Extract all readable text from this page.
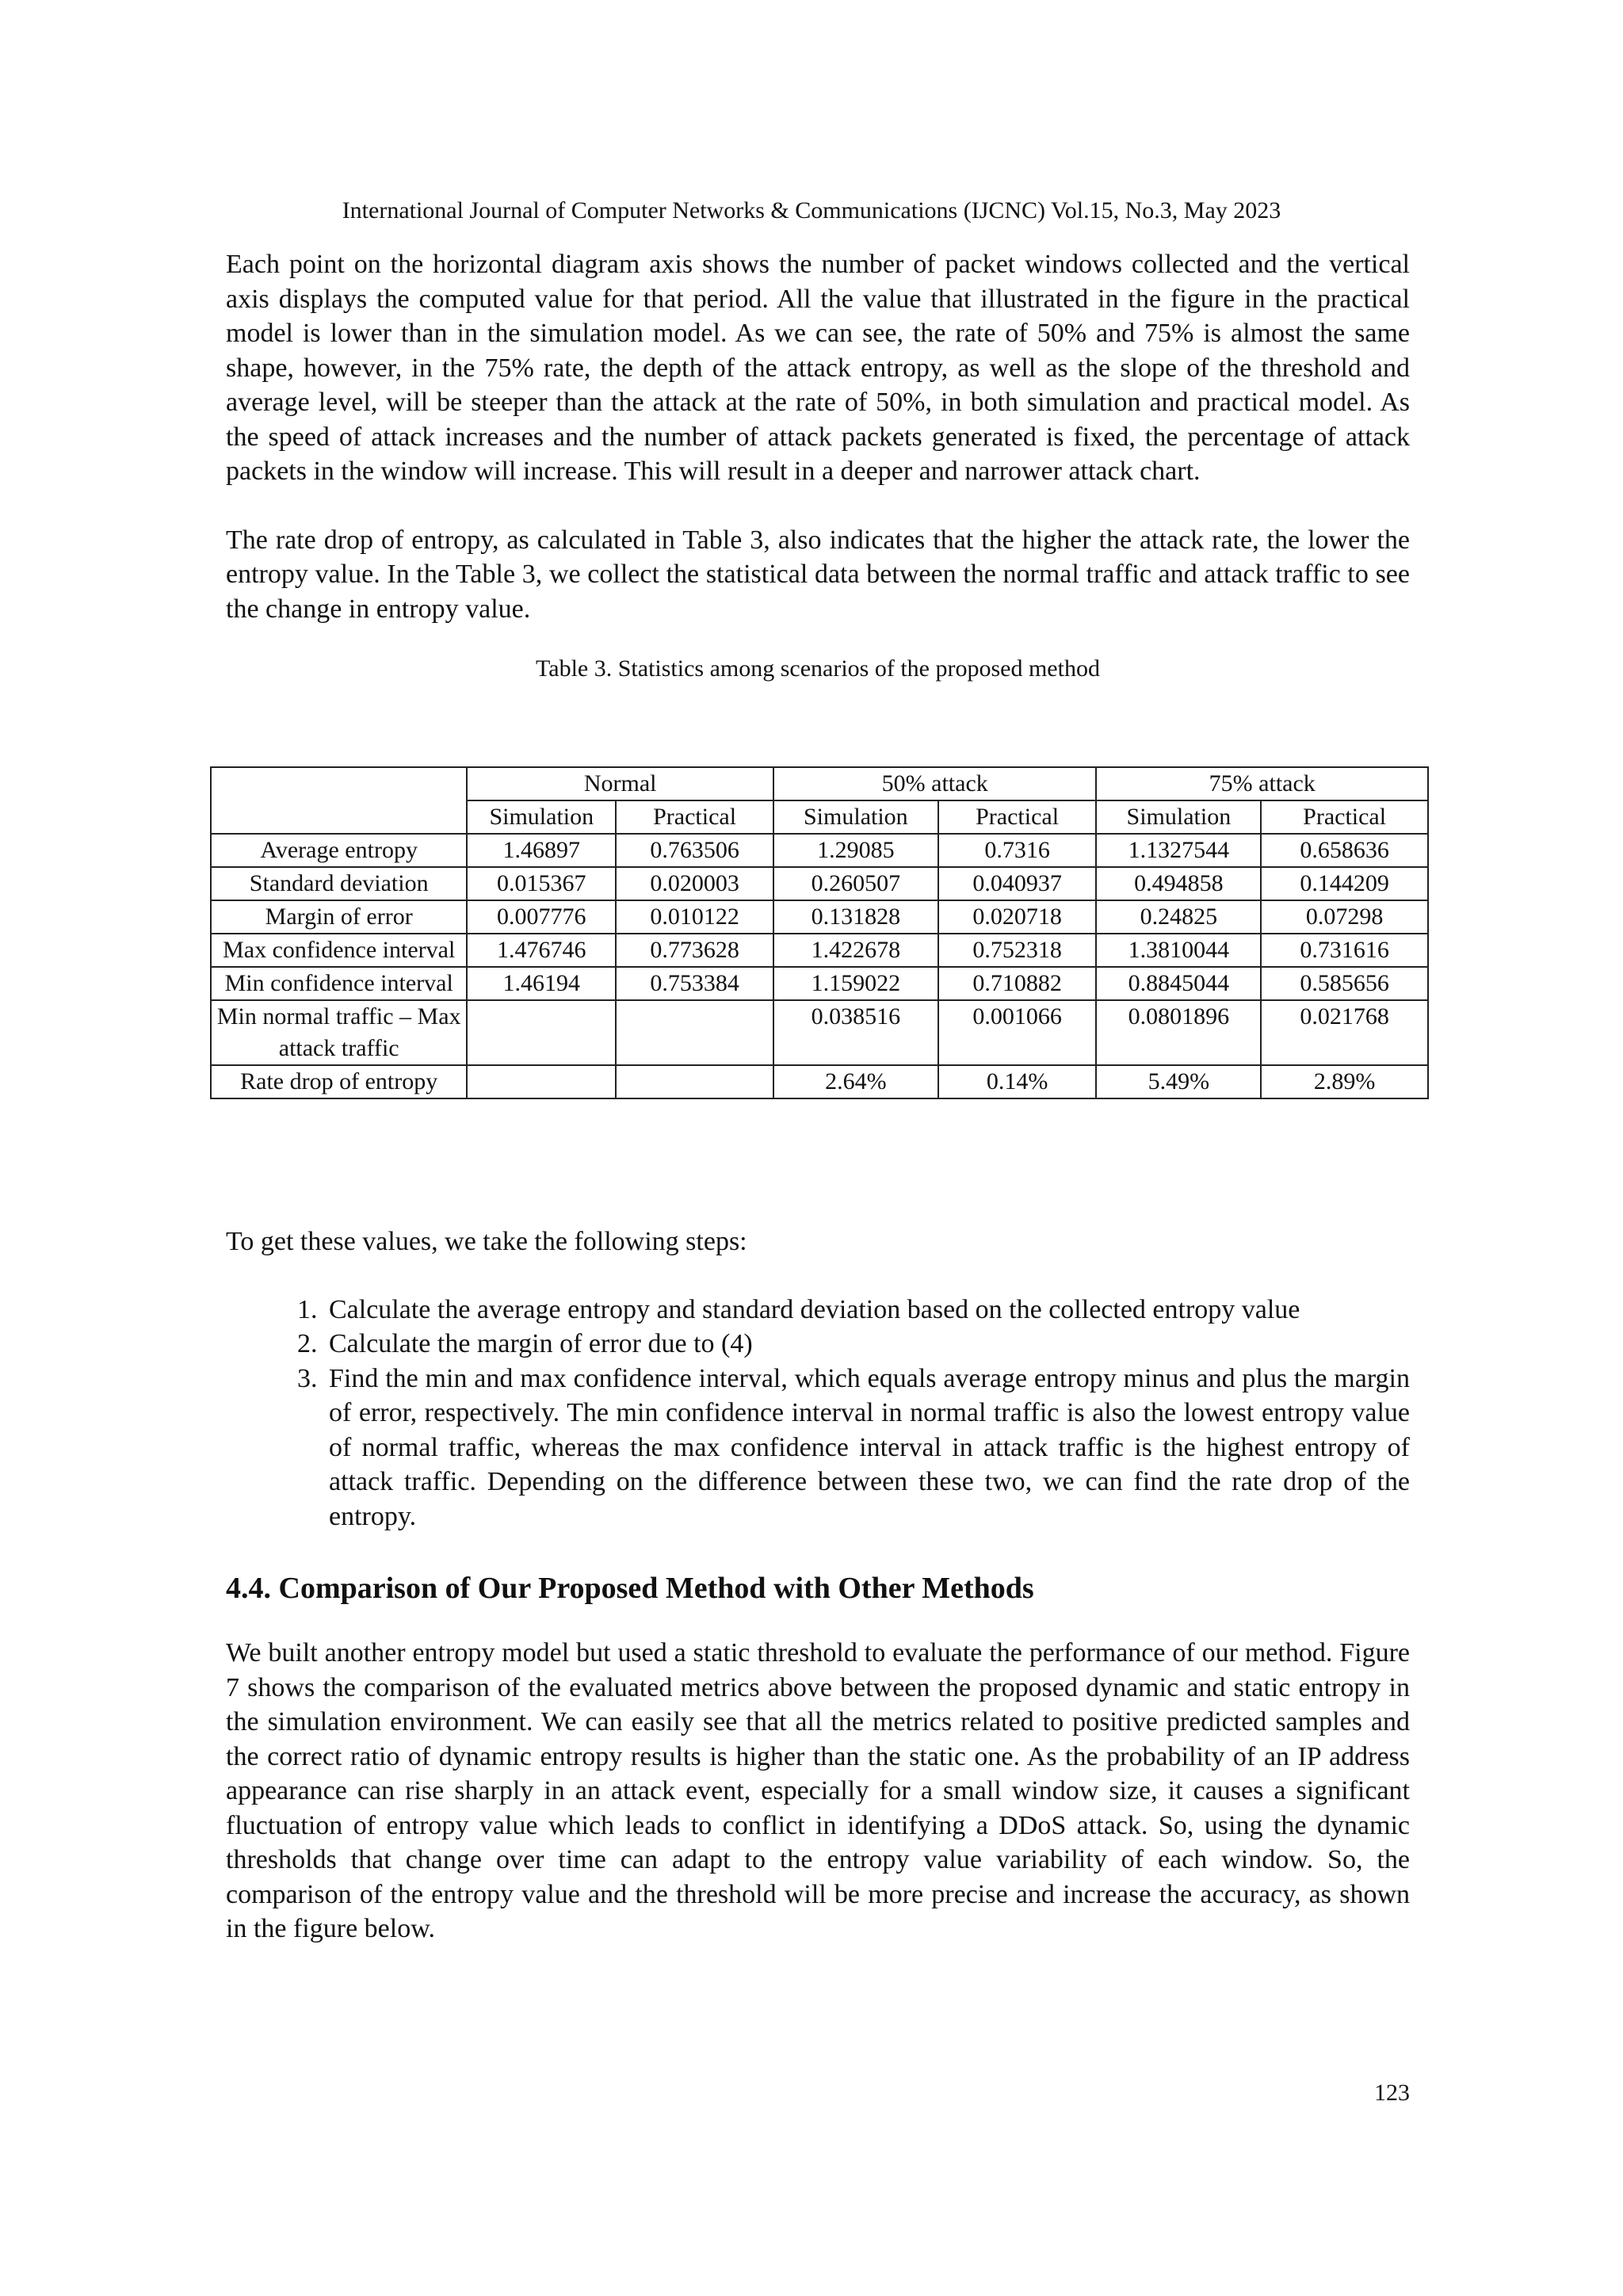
International Journal of Computer Networks & Communications (IJCNC) Vol.15, No.3, May 2023

Each point on the horizontal diagram axis shows the number of packet windows collected and the vertical axis displays the computed value for that period. All the value that illustrated in the figure in the practical model is lower than in the simulation model. As we can see, the rate of 50% and 75% is almost the same shape, however, in the 75% rate, the depth of the attack entropy, as well as the slope of the threshold and average level, will be steeper than the attack at the rate of 50%, in both simulation and practical model. As the speed of attack increases and the number of attack packets generated is fixed, the percentage of attack packets in the window will increase. This will result in a deeper and narrower attack chart.

The rate drop of entropy, as calculated in Table 3, also indicates that the higher the attack rate, the lower the entropy value. In the Table 3, we collect the statistical data between the normal traffic and attack traffic to see the change in entropy value.

Table 3. Statistics among scenarios of the proposed method
	Normal		50% attack		75% attack	
	Simulation	Practical	Simulation	Practical	Simulation	Practical
Average entropy	1.46897	0.763506	1.29085	0.7316	1.1327544	0.658636
Standard deviation	0.015367	0.020003	0.260507	0.040937	0.494858	0.144209
Margin of error	0.007776	0.010122	0.131828	0.020718	0.24825	0.07298
Max confidence interval	1.476746	0.773628	1.422678	0.752318	1.3810044	0.731616
Min confidence interval	1.46194	0.753384	1.159022	0.710882	0.8845044	0.585656
Min normal traffic – Max attack traffic			0.038516	0.001066	0.0801896	0.021768
Rate drop of entropy			2.64%	0.14%	5.49%	2.89%

To get these values, we take the following steps:

1. Calculate the average entropy and standard deviation based on the collected entropy value
2. Calculate the margin of error due to (4)
3. Find the min and max confidence interval, which equals average entropy minus and plus the margin of error, respectively. The min confidence interval in normal traffic is also the lowest entropy value of normal traffic, whereas the max confidence interval in attack traffic is the highest entropy of attack traffic. Depending on the difference between these two, we can find the rate drop of the entropy.
4.4. Comparison of Our Proposed Method with Other Methods

We built another entropy model but used a static threshold to evaluate the performance of our method. Figure 7 shows the comparison of the evaluated metrics above between the proposed dynamic and static entropy in the simulation environment. We can easily see that all the metrics related to positive predicted samples and the correct ratio of dynamic entropy results is higher than the static one. As the probability of an IP address appearance can rise sharply in an attack event, especially for a small window size, it causes a significant fluctuation of entropy value which leads to conflict in identifying a DDoS attack. So, using the dynamic thresholds that change over time can adapt to the entropy value variability of each window. So, the comparison of the entropy value and the threshold will be more precise and increase the accuracy, as shown in the figure below.

123
